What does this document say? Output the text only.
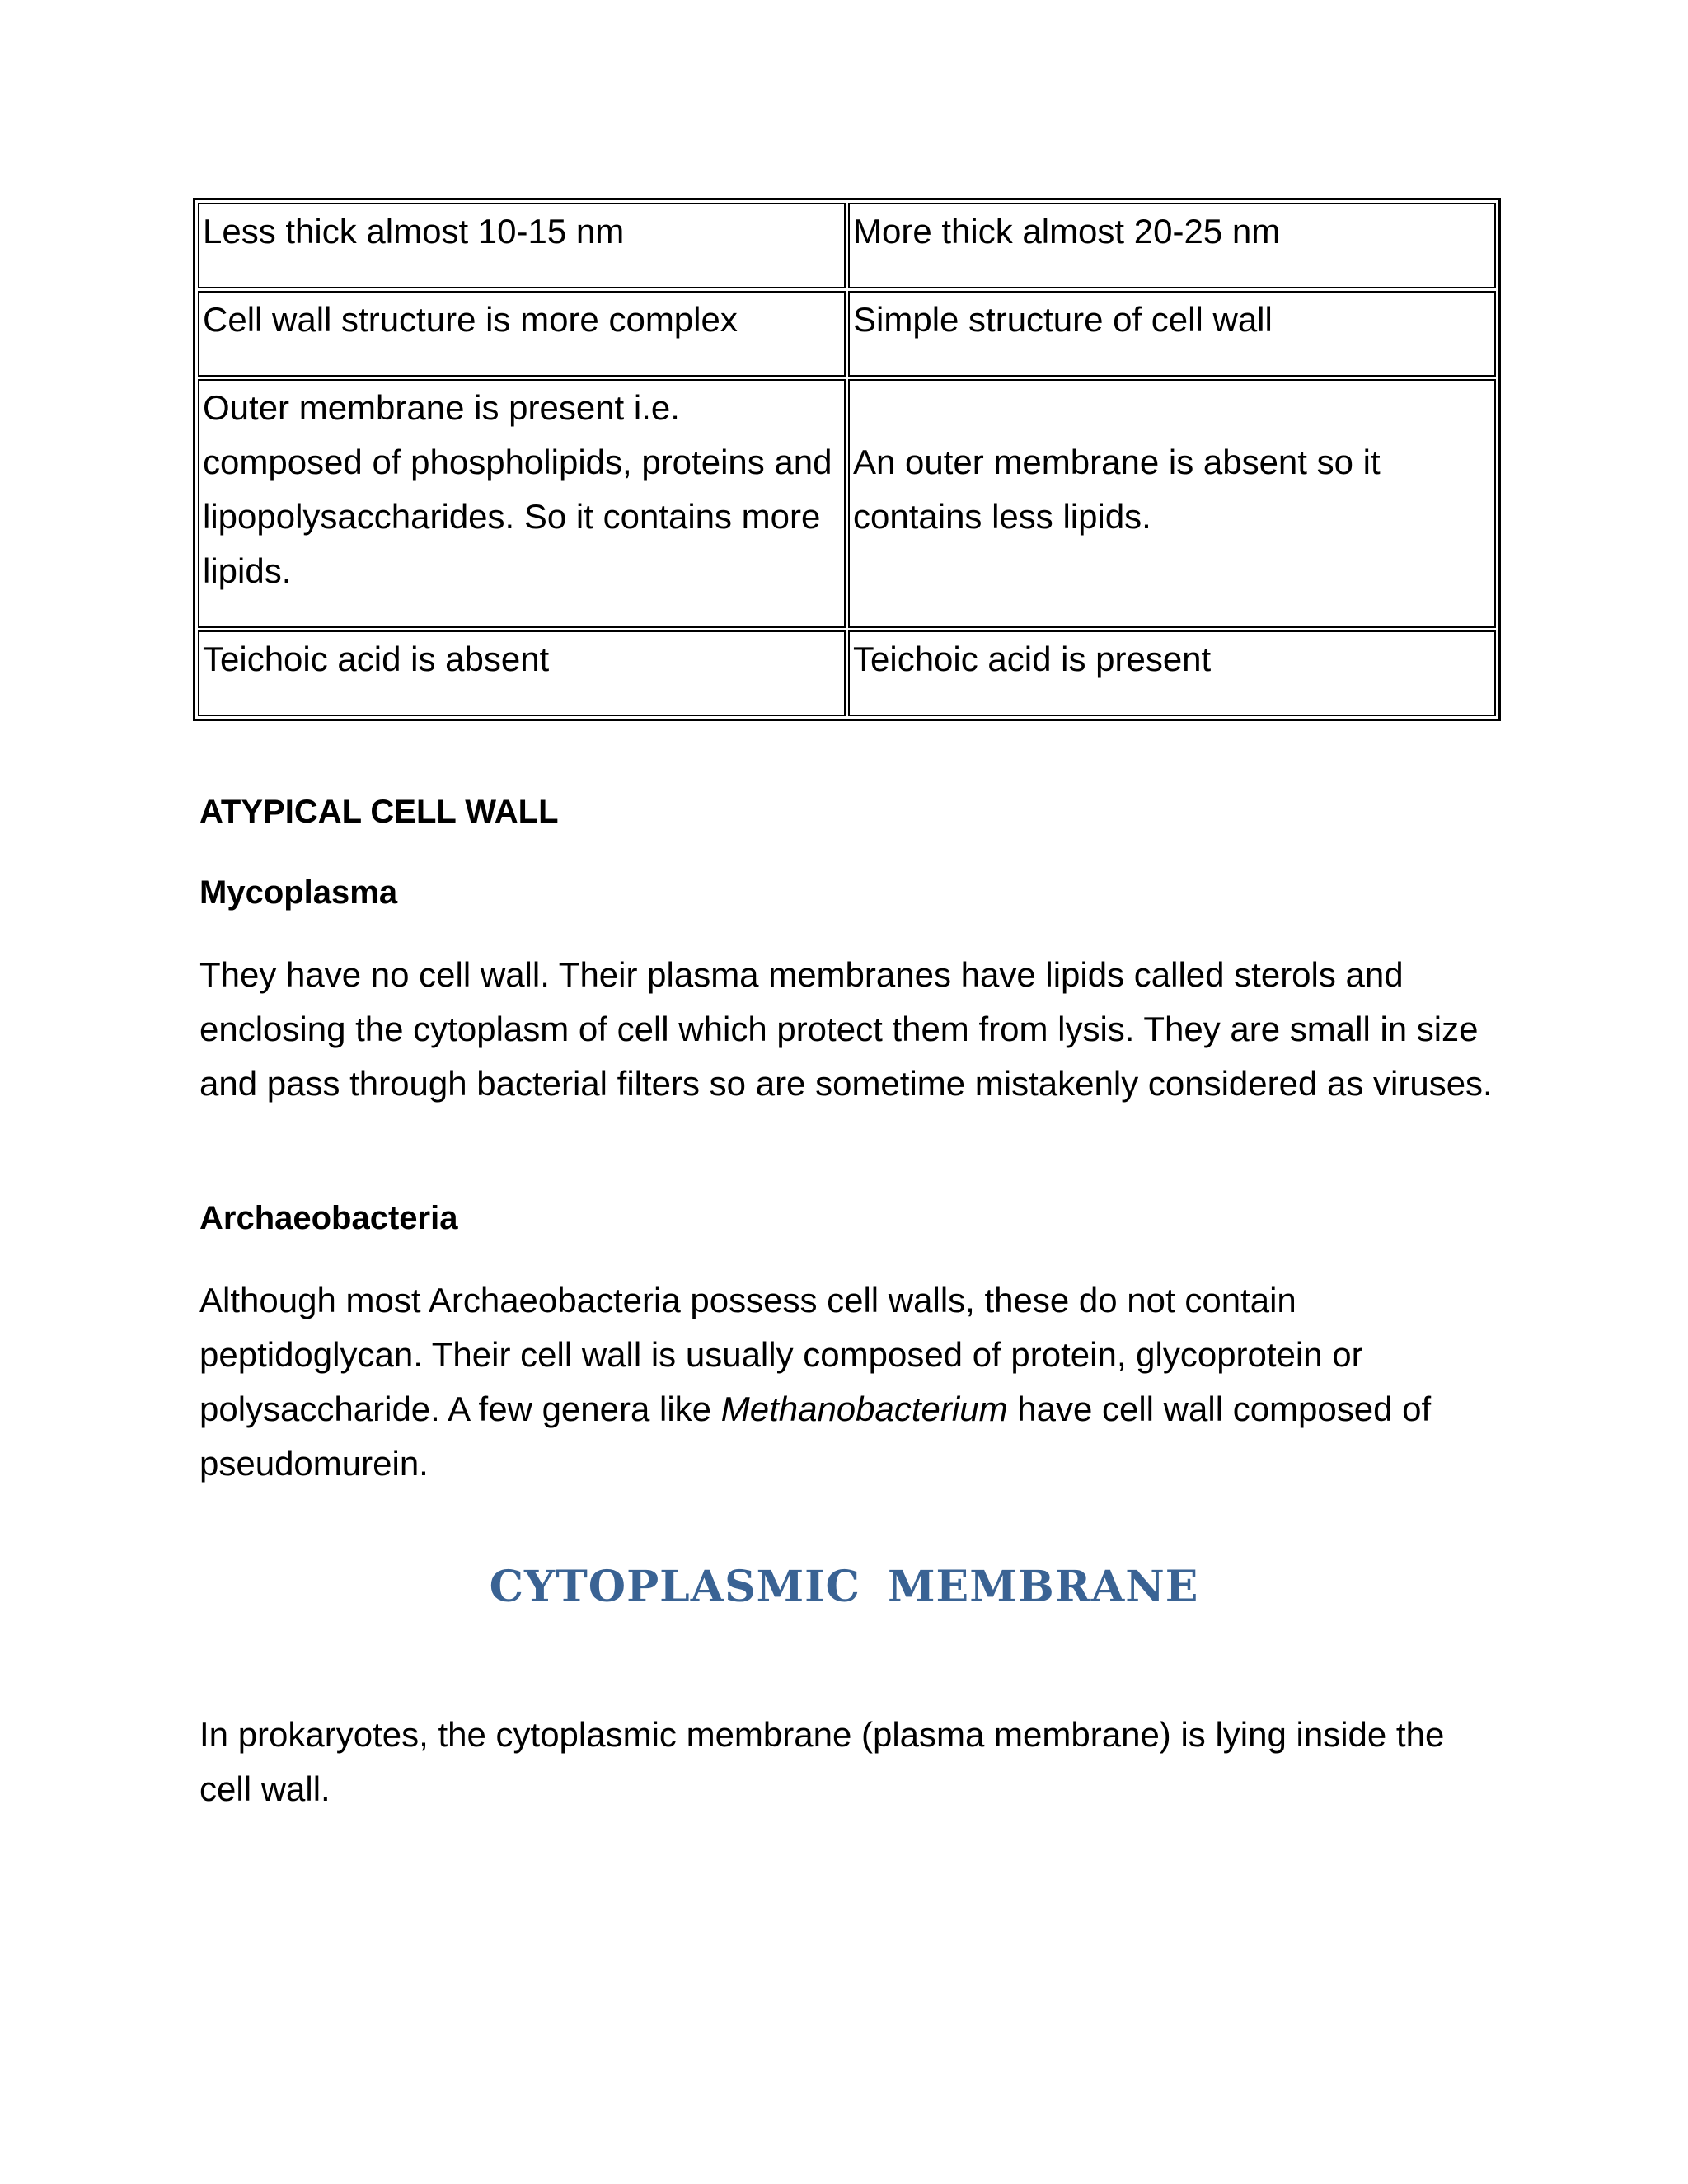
Less thick almost 10-15 nm	More thick almost 20-25 nm
Cell wall structure is more complex	Simple structure of cell wall
Outer membrane is present i.e. composed of phospholipids, proteins and lipopolysaccharides. So it contains more lipids.	An outer membrane is absent so it contains less lipids.
Teichoic acid is absent	Teichoic acid is present
ATYPICAL CELL WALL
Mycoplasma
They have no cell wall. Their plasma membranes have lipids called sterols and enclosing the cytoplasm of cell which protect them from lysis. They are small in size and pass through bacterial filters so are sometime mistakenly considered as viruses.
Archaeobacteria
Although most Archaeobacteria possess cell walls, these do not contain peptidoglycan. Their cell wall is usually composed of protein, glycoprotein or polysaccharide. A few genera like Methanobacterium have cell wall composed of pseudomurein.
CYTOPLASMIC MEMBRANE
In prokaryotes, the cytoplasmic membrane (plasma membrane) is lying inside the cell wall.
